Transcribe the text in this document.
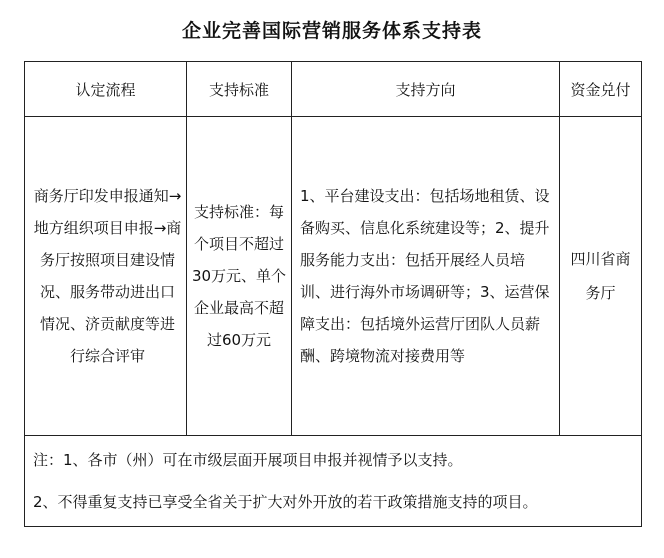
企业完善国际营销服务体系支持表
认定流程	支持标准	支持方向	资金兑付

商务厅印发申报通知→地方组织项目申报→商务厅按照项目建设情况、服务带动进出口情况、济贡献度等进行综合评审	支持标准：每个项目不超过30万元、单个企业最高不超过60万元	1、平台建设支出：包括场地租赁、设备购买、信息化系统建设等；2、提升服务能力支出：包括开展经人员培训、进行海外市场调研等；3、运营保障支出：包括境外运营厅团队人员薪酬、跨境物流对接费用等	四川省商务厅

注：1、各市（州）可在市级层面开展项目申报并视情予以支持。
2、不得重复支持已享受全省关于扩大对外开放的若干政策措施支持的项目。			
